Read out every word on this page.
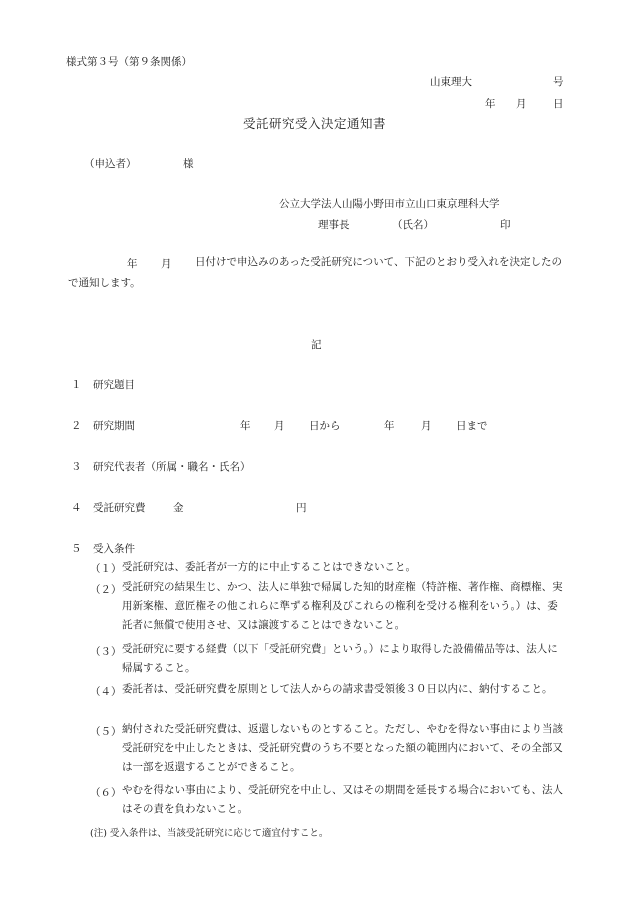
様式第３号（第９条関係）
山東理大	号
年 月	日
受託研究受入決定通知書
（申込者）	様
公立大学法人山陽小野田市立山口東京理科大学
理事長	（氏名）	印
年 月	日付けで申込みのあった受託研究について、下記のとおり受入れを決定したので通知します。
記
１ 研究題目
２ 研究期間	年 月 日から	年	月 日まで
３ 研究代表者（所属・職名・氏名）
４ 受託研究費	金	円
５ 受入条件
（１） 受託研究は、委託者が一方的に中止することはできないこと。
（２） 受託研究の結果生じ、かつ、法人に単独で帰属した知的財産権（特許権、著作権、商標権、実用新案権、意匠権その他これらに準ずる権利及びこれらの権利を受ける権利をいう。）は、委託者に無償で使用させ、又は譲渡することはできないこと。
（３） 受託研究に要する経費（以下「受託研究費」という。）により取得した設備備品等は、法人に帰属すること。
（４） 委託者は、受託研究費を原則として法人からの請求書受領後３０日以内に、納付すること。
（５） 納付された受託研究費は、返還しないものとすること。ただし、やむを得ない事由により当該受託研究を中止したときは、受託研究費のうち不要となった額の範囲内において、その全部又は一部を返還することができること。
（６） やむを得ない事由により、受託研究を中止し、又はその期間を延長する場合においても、法人はその責を負わないこと。
(注) 受入条件は、当該受託研究に応じて適宜付すこと。
